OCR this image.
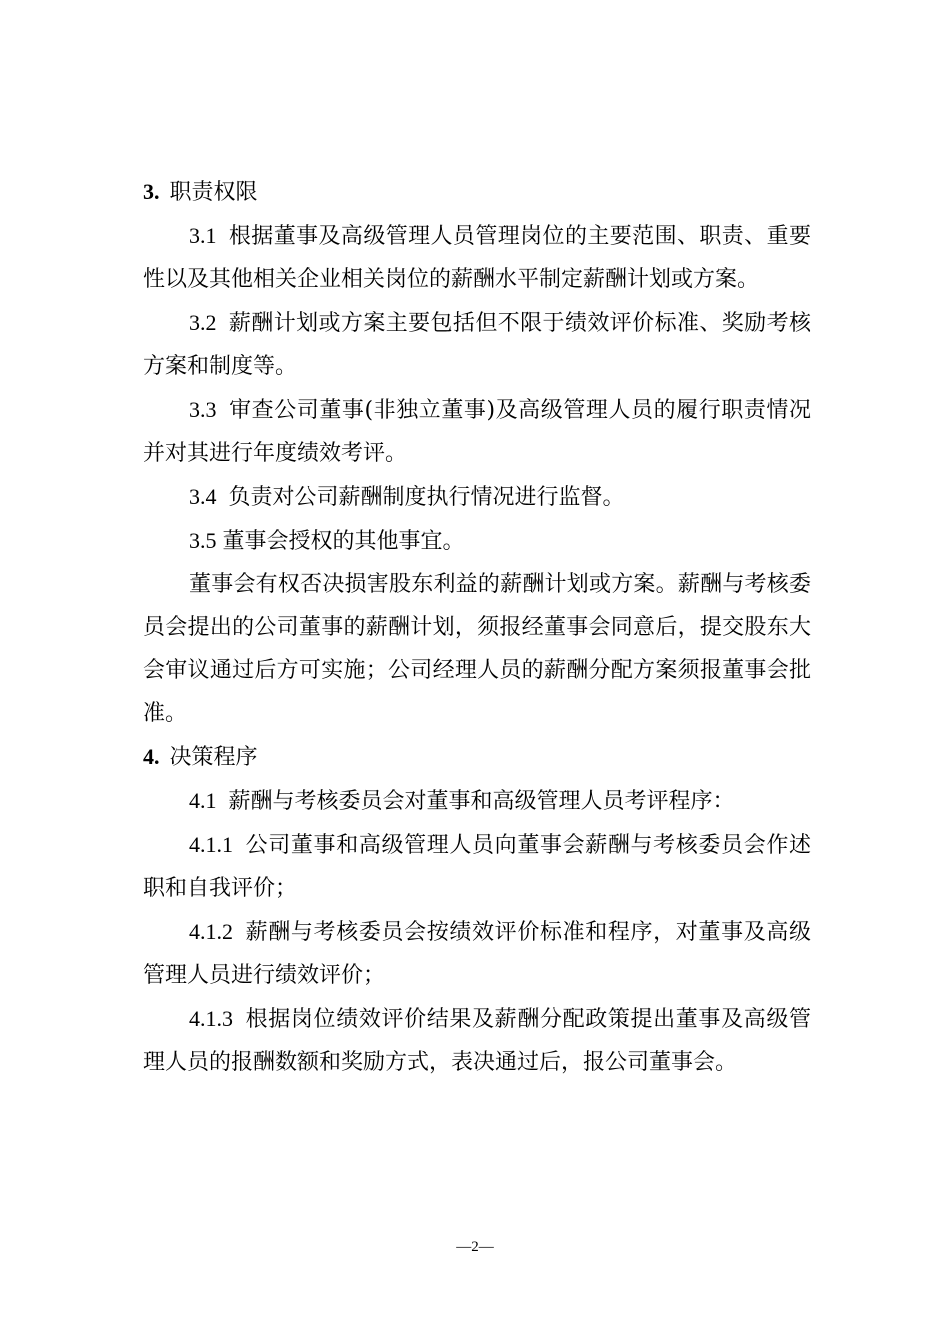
3. 职责权限

3.1 根据董事及高级管理人员管理岗位的主要范围、职责、重要性以及其他相关企业相关岗位的薪酬水平制定薪酬计划或方案。

3.2 薪酬计划或方案主要包括但不限于绩效评价标准、奖励考核方案和制度等。

3.3 审查公司董事(非独立董事)及高级管理人员的履行职责情况并对其进行年度绩效考评。

3.4 负责对公司薪酬制度执行情况进行监督。

3.5 董事会授权的其他事宜。

董事会有权否决损害股东利益的薪酬计划或方案。薪酬与考核委员会提出的公司董事的薪酬计划，须报经董事会同意后，提交股东大会审议通过后方可实施；公司经理人员的薪酬分配方案须报董事会批准。

4. 决策程序

4.1 薪酬与考核委员会对董事和高级管理人员考评程序：

4.1.1 公司董事和高级管理人员向董事会薪酬与考核委员会作述职和自我评价；

4.1.2 薪酬与考核委员会按绩效评价标准和程序，对董事及高级管理人员进行绩效评价；

4.1.3 根据岗位绩效评价结果及薪酬分配政策提出董事及高级管理人员的报酬数额和奖励方式，表决通过后，报公司董事会。

—2—
